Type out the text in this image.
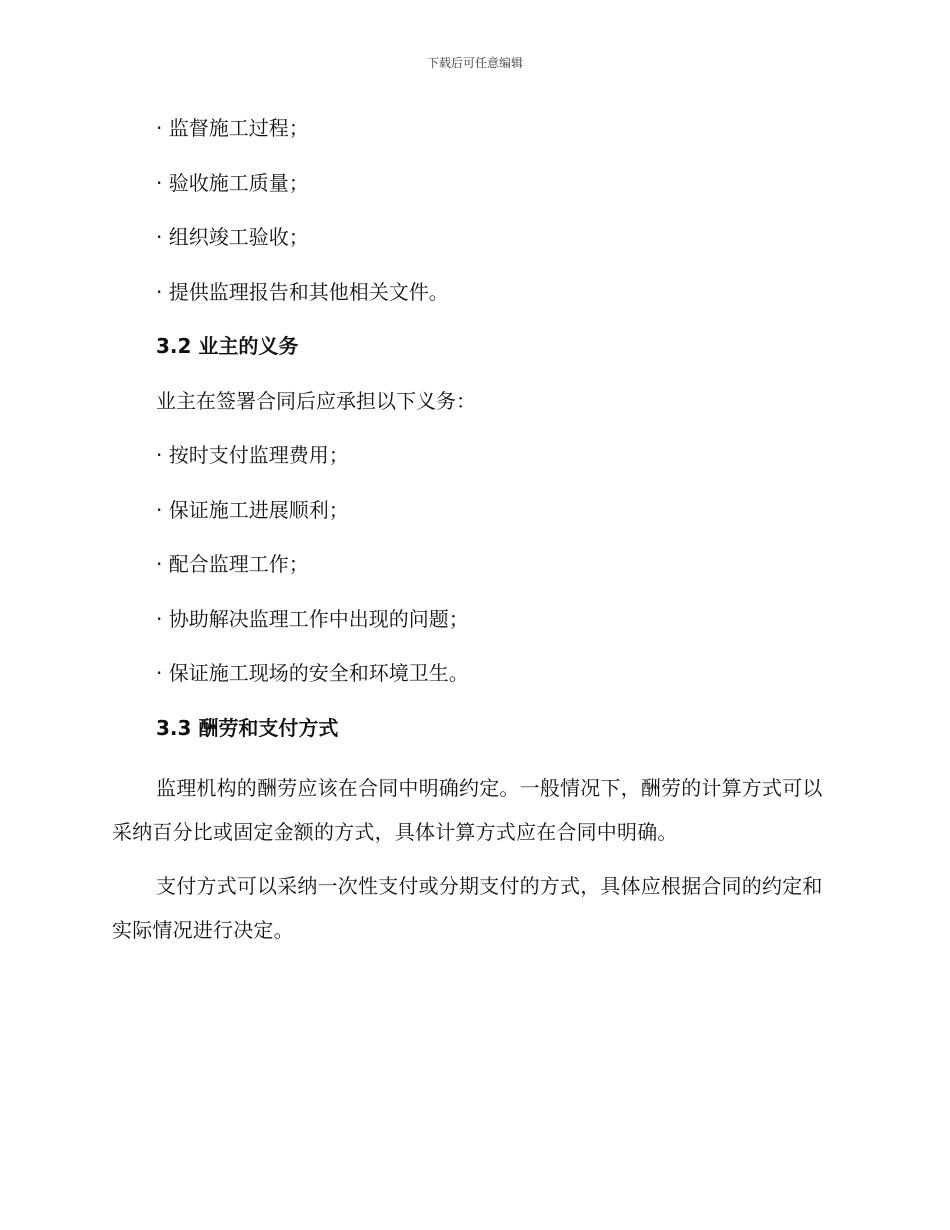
下载后可任意编辑
· 监督施工过程；
· 验收施工质量；
· 组织竣工验收；
· 提供监理报告和其他相关文件。
3.2 业主的义务
业主在签署合同后应承担以下义务：
· 按时支付监理费用；
· 保证施工进展顺利；
· 配合监理工作；
· 协助解决监理工作中出现的问题；
· 保证施工现场的安全和环境卫生。
3.3 酬劳和支付方式
监理机构的酬劳应该在合同中明确约定。一般情况下，酬劳的计算方式可以采纳百分比或固定金额的方式，具体计算方式应在合同中明确。
支付方式可以采纳一次性支付或分期支付的方式，具体应根据合同的约定和实际情况进行决定。
